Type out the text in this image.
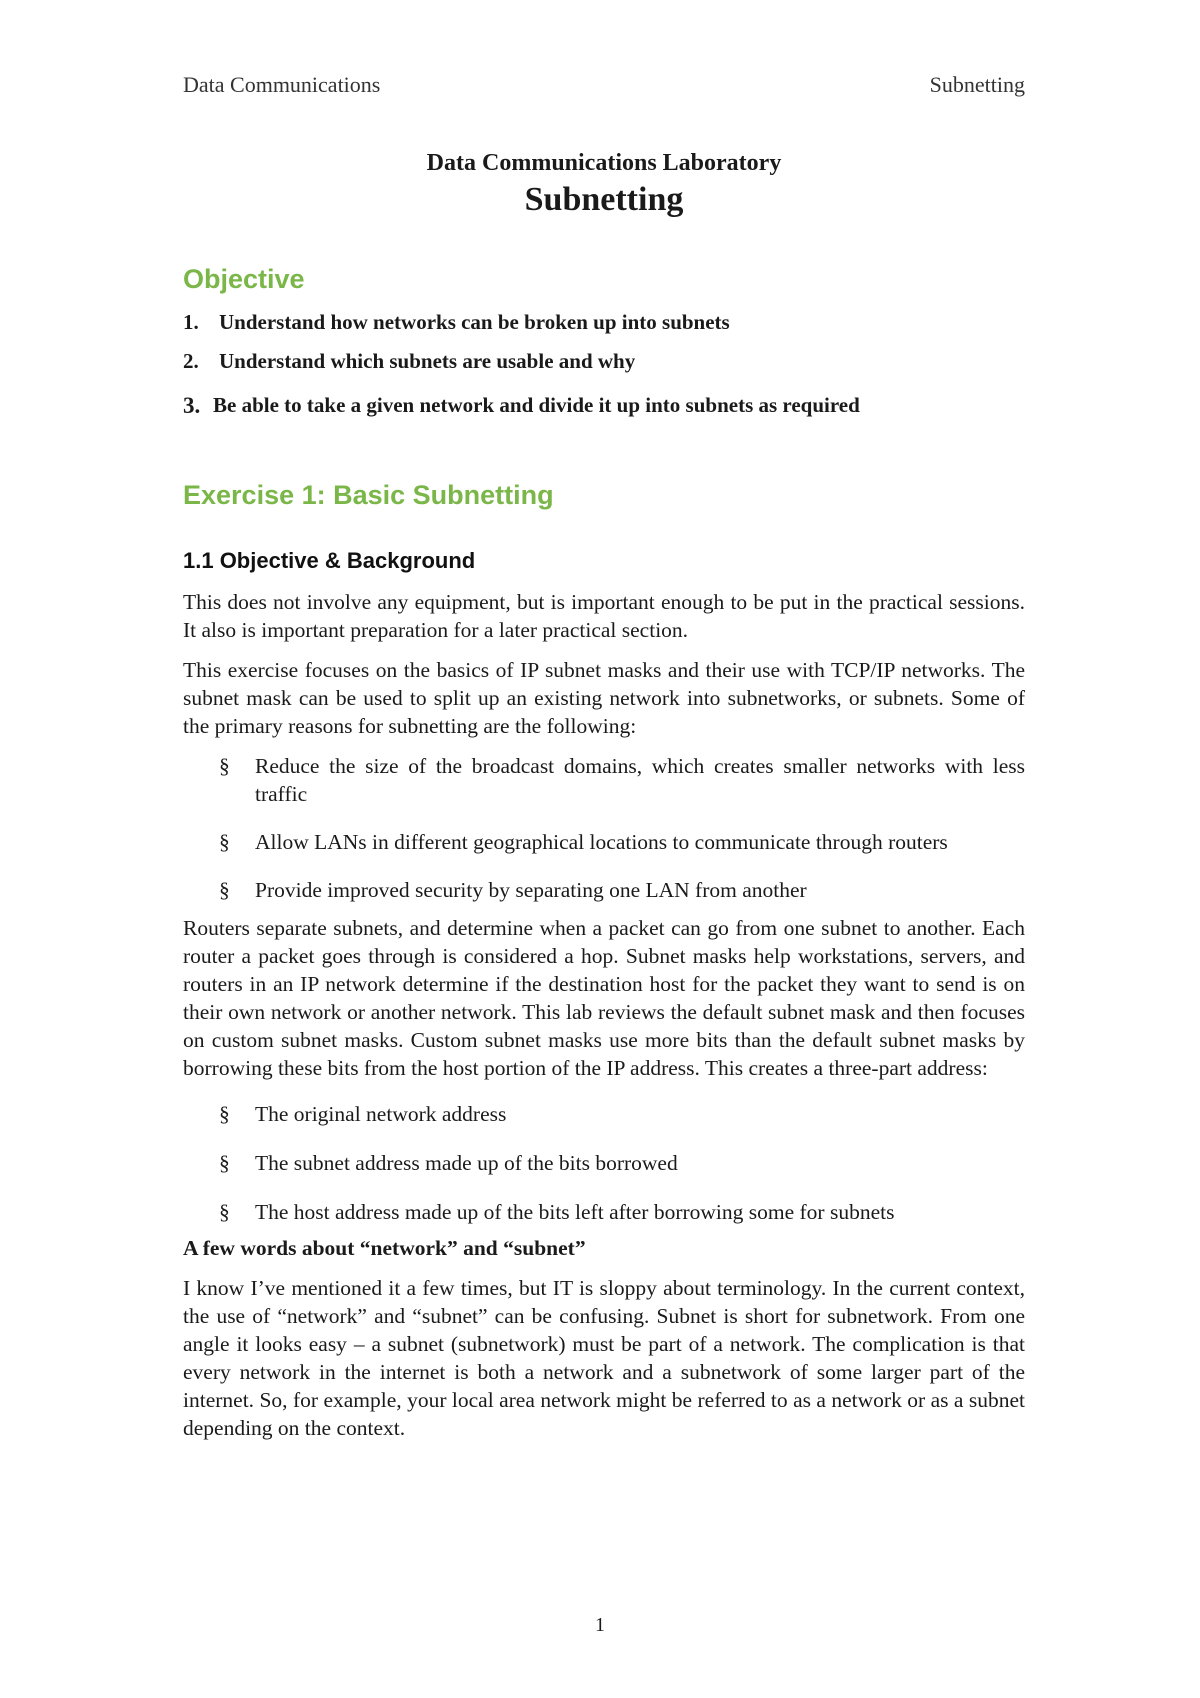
Data Communications	Subnetting
Data Communications Laboratory
Subnetting
Objective
1. Understand how networks can be broken up into subnets
2. Understand which subnets are usable and why
3. Be able to take a given network and divide it up into subnets as required
Exercise 1: Basic Subnetting
1.1 Objective & Background

This does not involve any equipment, but is important enough to be put in the practical sessions. It also is important preparation for a later practical section.

This exercise focuses on the basics of IP subnet masks and their use with TCP/IP networks. The subnet mask can be used to split up an existing network into subnetworks, or subnets. Some of the primary reasons for subnetting are the following:

§	Reduce the size of the broadcast domains, which creates smaller networks with less traffic
§	Allow LANs in different geographical locations to communicate through routers
§	Provide improved security by separating one LAN from another

Routers separate subnets, and determine when a packet can go from one subnet to another. Each router a packet goes through is considered a hop. Subnet masks help workstations, servers, and routers in an IP network determine if the destination host for the packet they want to send is on their own network or another network. This lab reviews the default subnet mask and then focuses on custom subnet masks. Custom subnet masks use more bits than the default subnet masks by borrowing these bits from the host portion of the IP address. This creates a three-part address:

§	The original network address
§	The subnet address made up of the bits borrowed
§	The host address made up of the bits left after borrowing some for subnets

A few words about “network” and “subnet”

I know I’ve mentioned it a few times, but IT is sloppy about terminology. In the current context, the use of “network” and “subnet” can be confusing. Subnet is short for subnetwork. From one angle it looks easy – a subnet (subnetwork) must be part of a network. The complication is that every network in the internet is both a network and a subnetwork of some larger part of the internet. So, for example, your local area network might be referred to as a network or as a subnet depending on the context.

1
